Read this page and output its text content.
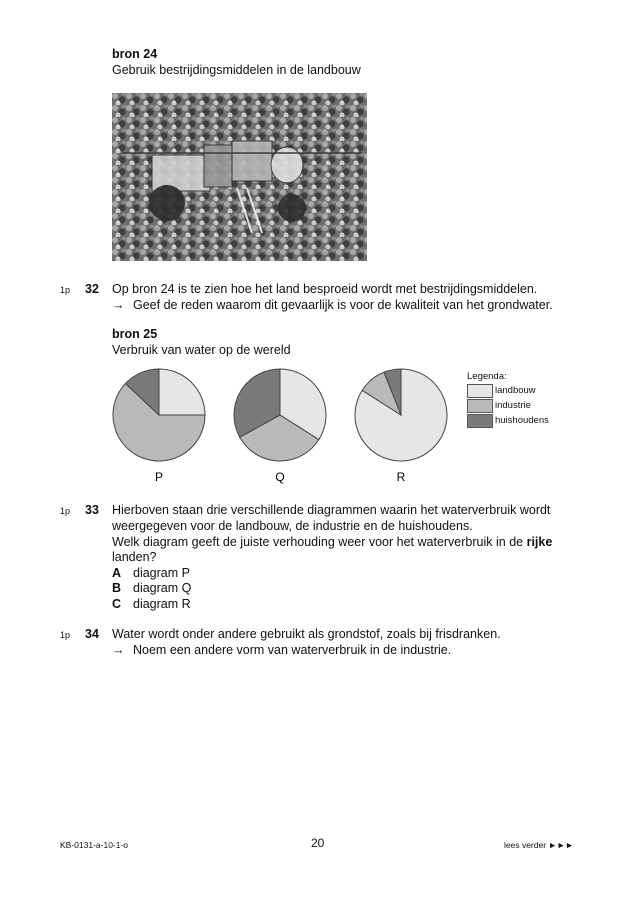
bron 24
Gebruik bestrijdingsmiddelen in de landbouw
1p 32 Op bron 24 is te zien hoe het land besproeid wordt met bestrijdingsmiddelen.
→ Geef de reden waarom dit gevaarlijk is voor de kwaliteit van het grondwater.
bron 25
Verbruik van water op de wereld
P	Q	R
Legenda:
landbouw
industrie
huishoudens
1p 33 Hierboven staan drie verschillende diagrammen waarin het waterverbruik wordt
weergegeven voor de landbouw, de industrie en de huishoudens.
Welk diagram geeft de juiste verhouding weer voor het waterverbruik in de rijke
landen?
A diagram P
B diagram Q
C diagram R
1p 34 Water wordt onder andere gebruikt als grondstof, zoals bij frisdranken.
→ Noem een andere vorm van waterverbruik in de industrie.
KB-0131-a-10-1-o	20	lees verder ►►►
